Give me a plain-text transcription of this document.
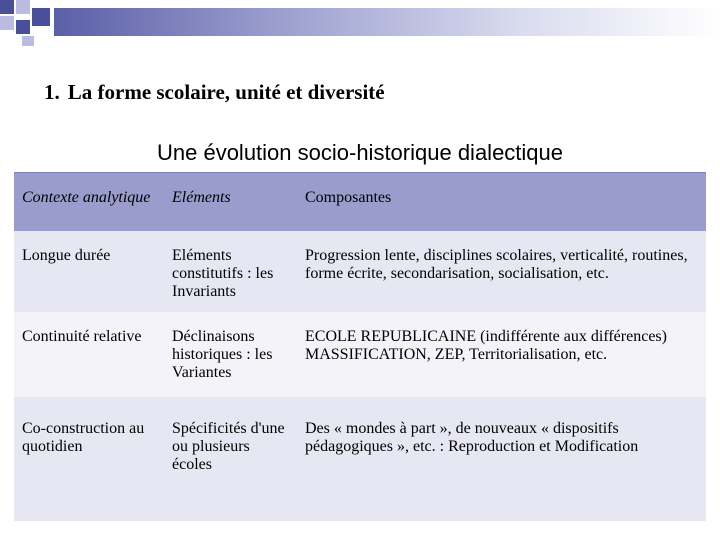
1. La forme scolaire, unité et diversité

Une évolution socio-historique dialectique

Contexte analytique	Eléments	Composantes
Longue durée	Eléments constitutifs : les Invariants	Progression lente, disciplines scolaires, verticalité, routines, forme écrite, secondarisation, socialisation, etc.
Continuité relative	Déclinaisons historiques : les Variantes	ECOLE REPUBLICAINE (indifférente aux différences) MASSIFICATION, ZEP, Territorialisation, etc.
Co-construction au quotidien	Spécificités d'une ou plusieurs écoles	Des « mondes à part », de nouveaux « dispositifs pédagogiques », etc. : Reproduction et Modification
